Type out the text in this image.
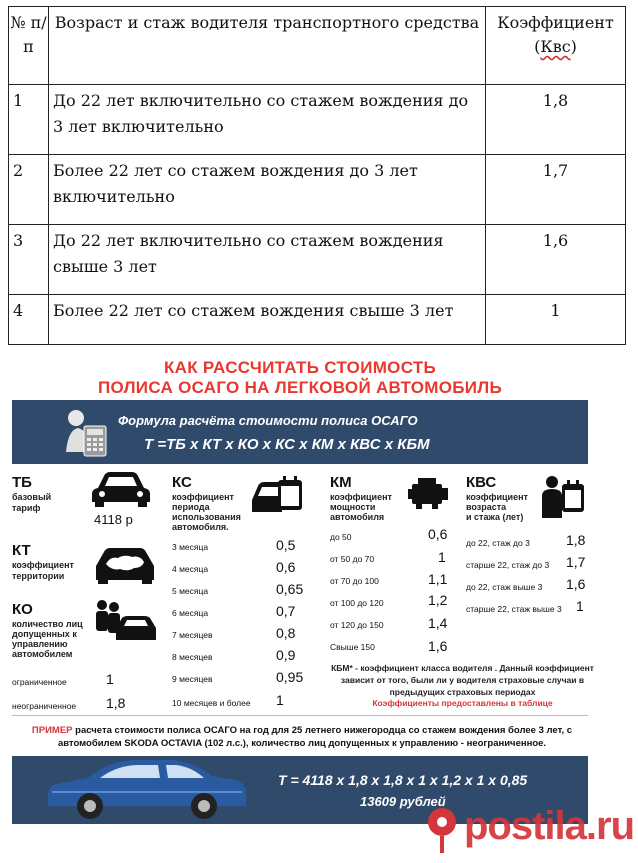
№ п/п	Возраст и стаж водителя транспортного средства	Коэффициент
(Квс)
1	До 22 лет включительно со стажем вождения до 3 лет включительно	1,8
2	Более 22 лет со стажем вождения до 3 лет включительно	1,7
3	До 22 лет включительно со стажем вождения свыше 3 лет	1,6
4	Более 22 лет со стажем вождения свыше 3 лет	1
КАК РАССЧИТАТЬ СТОИМОСТЬ
ПОЛИСА ОСАГО НА ЛЕГКОВОЙ АВТОМОБИЛЬ
Формула расчёта стоимости полиса ОСАГО
Т =ТБ х КТ х КО х КС х КМ х КВС х КБМ
ТБ
базовый
тариф
4118 р
КТ
коэффициент
территории
КО
количество лиц
допущенных к
управлению
автомобилем
ограниченное	1
неограниченное 1,8
КС
коэффициент
периода
использования
автомобиля.
3 месяца	0,5
4 месяца	0,6
5 месяца	0,65
6 месяца	0,7
7 месяцев	0,8
8 месяцев	0,9
9 месяцев	0,95
10 месяцев и более 1
КМ
коэффициент
мощности
автомобиля
до 50	0,6
от 50 до 70	1
от 70 до 100	1,1
от 100 до 120	1,2
от 120 до 150	1,4
Свыше 150	1,6
КВС
коэффициент
возраста
и стажа (лет)
до 22, стаж до 3	1,8
старше 22, стаж до 3 1,7
до 22, стаж выше 3 1,6
старше 22, стаж выше 3 1
КБМ* - коэффициент класса водителя . Данный коэффициент зависит от того, были ли у водителя страховые случаи в предыдущих страховых периодах
Коэффициенты предоставлены в таблице
ПРИМЕР расчета стоимости полиса ОСАГО на год для 25 летнего нижегородца со стажем вождения более 3 лет, с автомобилем SKODA OCTAVIA (102 л.с.), количество лиц допущенных к управлению - неограниченное.
Т = 4118 х 1,8 х 1,8 х 1 х 1,2 х 1 х 0,85
13609 рублей
postila.ru
